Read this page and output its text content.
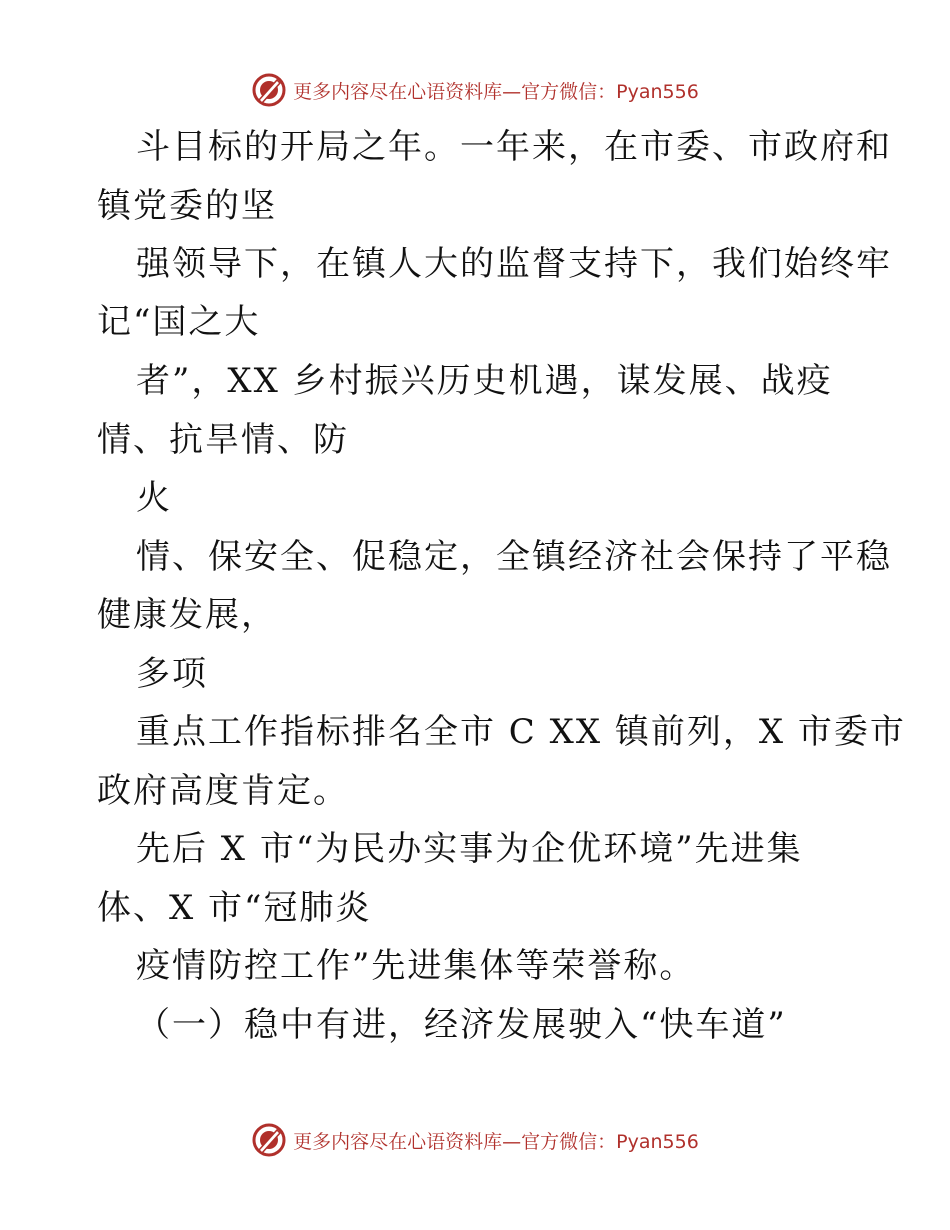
更多内容尽在心语资料库—官方微信：Pyan556
斗目标的开局之年。一年来，在市委、市政府和
镇党委的坚
强领导下，在镇人大的监督支持下，我们始终牢
记“国之大
者”，XX 乡村振兴历史机遇，谋发展、战疫
情、抗旱情、防
火
情、保安全、促稳定，全镇经济社会保持了平稳
健康发展，
多项
重点工作指标排名全市 C XX 镇前列，X 市委市
政府高度肯定。
先后 X 市“为民办实事为企优环境”先进集
体、X 市“冠肺炎
疫情防控工作”先进集体等荣誉称。
（一）稳中有进，经济发展驶入“快车道”
更多内容尽在心语资料库—官方微信：Pyan556
